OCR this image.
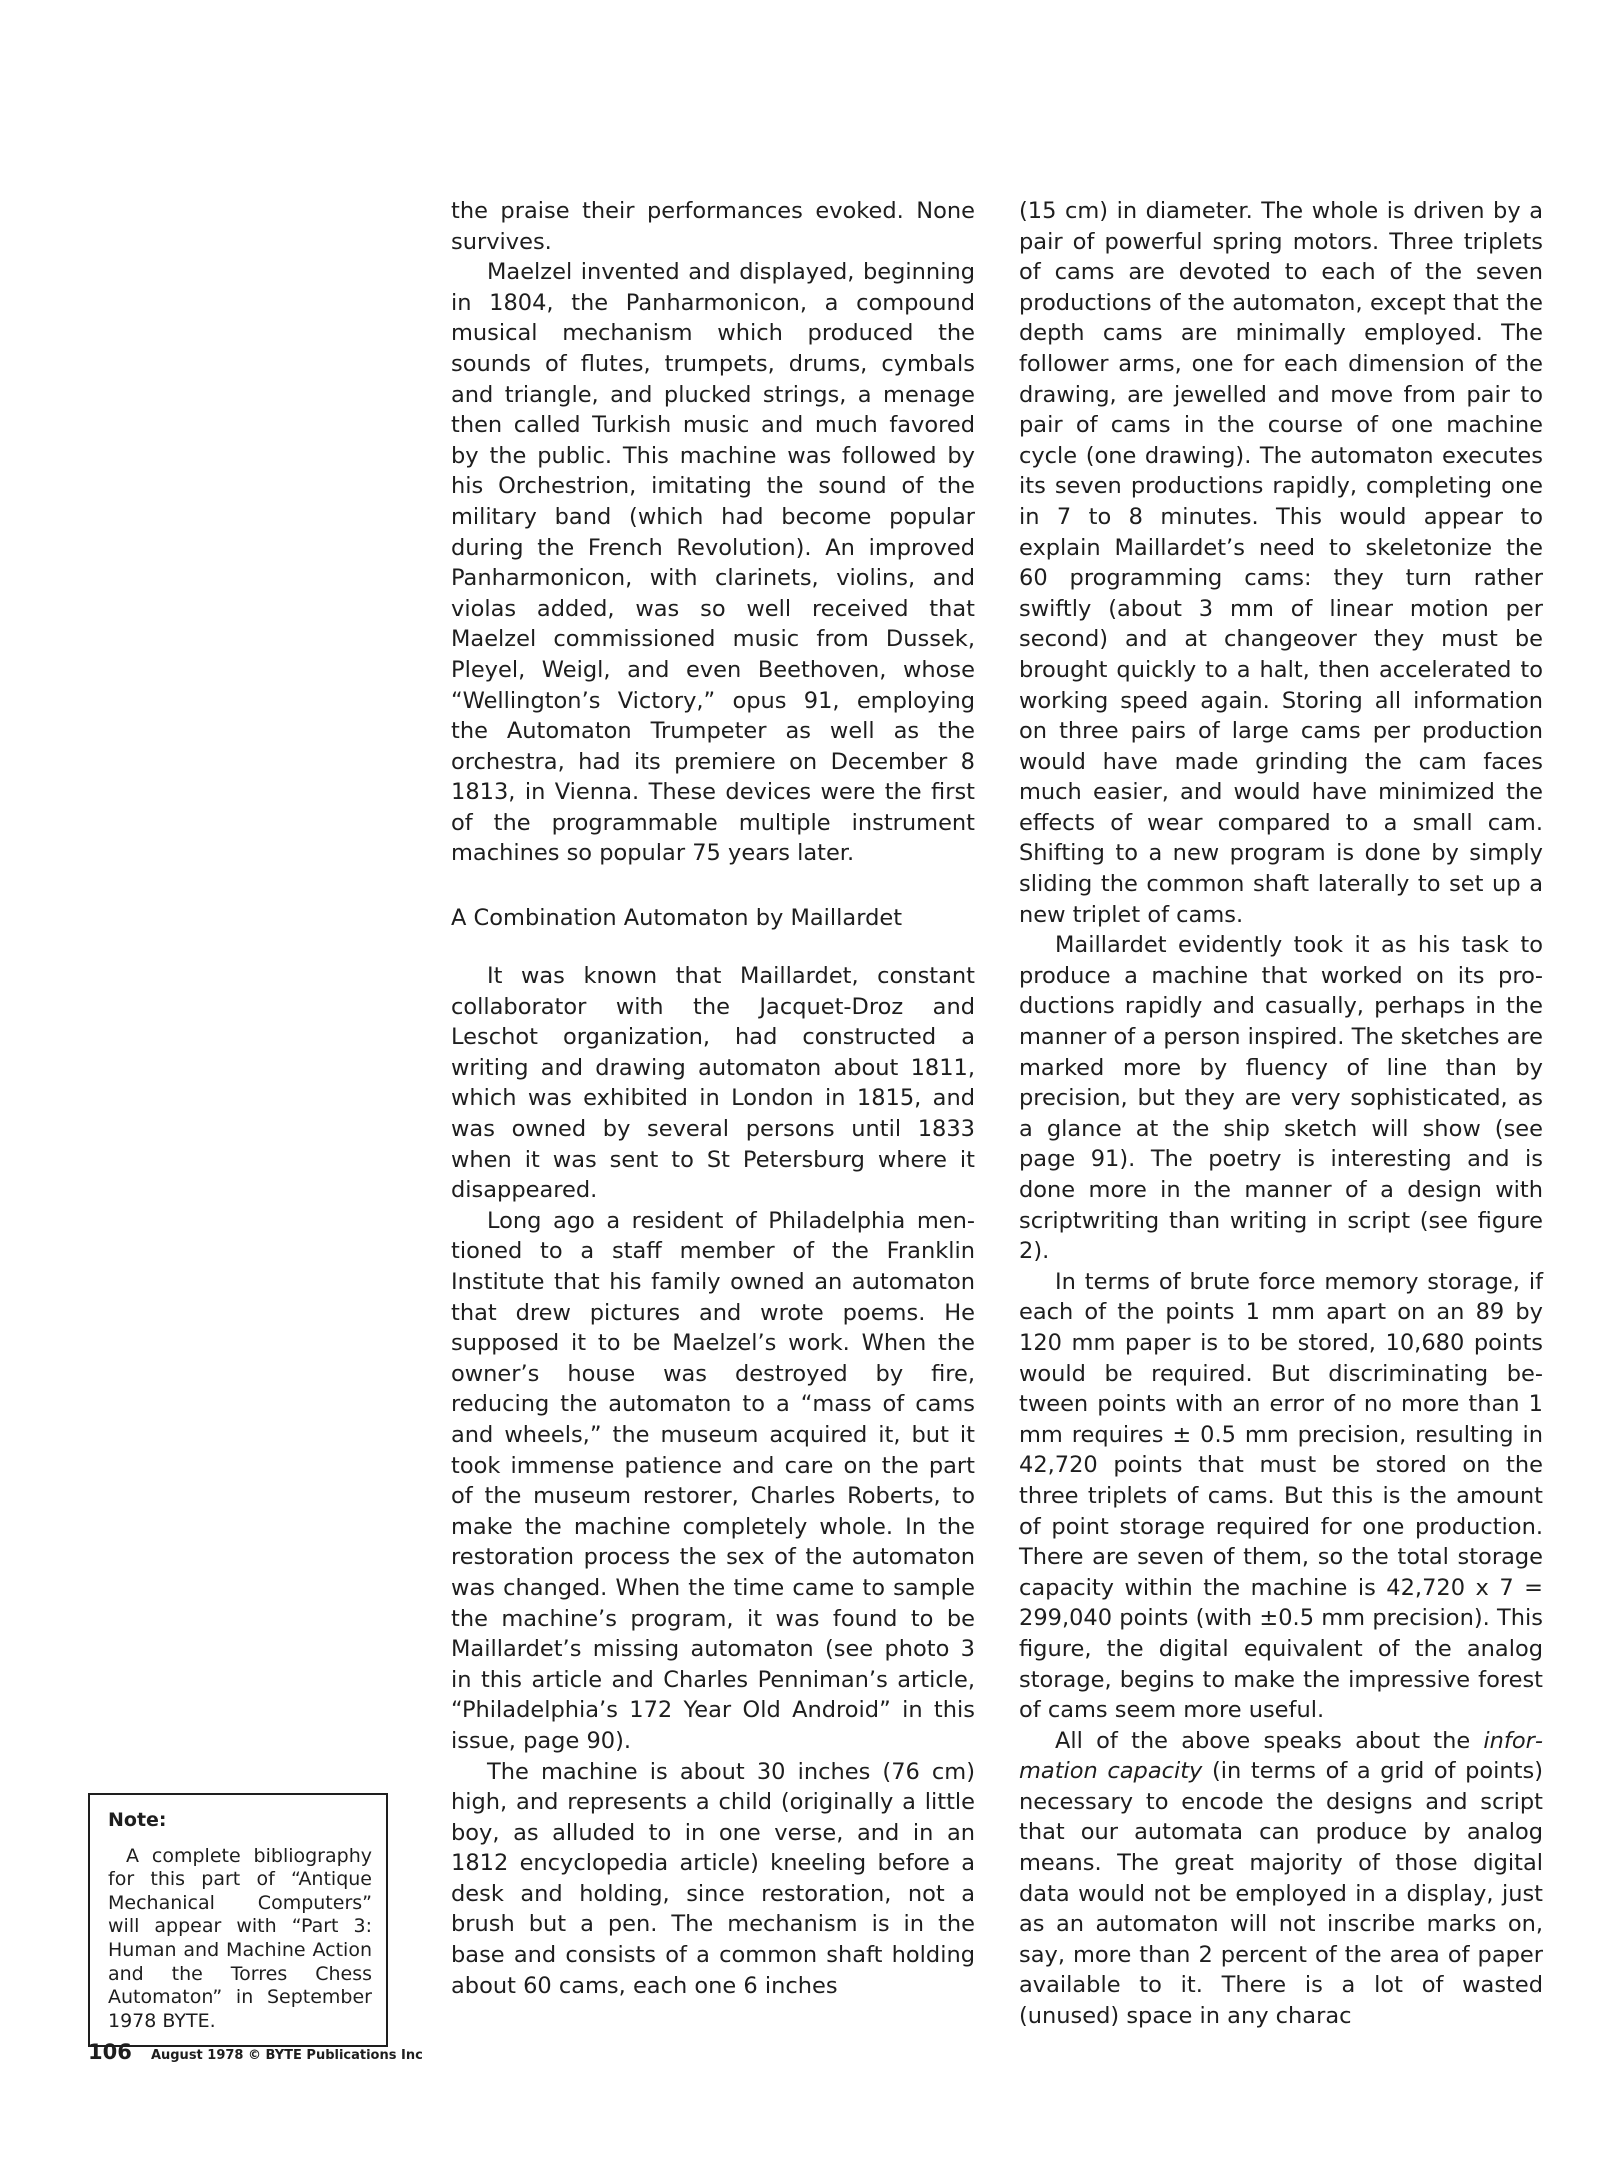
the praise their performances evoked. None survives.

Maelzel invented and displayed, beginning in 1804, the Panharmonicon, a compound musical mechanism which produced the sounds of flutes, trumpets, drums, cymbals and triangle, and plucked strings, a menage then called Turkish music and much favored by the public. This machine was followed by his Orchestrion, imitating the sound of the military band (which had become popular during the French Revolution). An improved Panharmonicon, with clarinets, violins, and violas added, was so well received that Maelzel commissioned music from Dussek, Pleyel, Weigl, and even Beethoven, whose “Wellington’s Victory,” opus 91, employing the Automaton Trumpeter as well as the orchestra, had its premiere on December 8 1813, in Vienna. These devices were the first of the programmable multiple instrument machines so popular 75 years later.

A Combination Automaton by Maillardet

It was known that Maillardet, constant collaborator with the Jacquet-Droz and Leschot organization, had constructed a writing and drawing automaton about 1811, which was exhibited in London in 1815, and was owned by several persons until 1833 when it was sent to St Petersburg where it disappeared.

Long ago a resident of Philadelphia mentioned to a staff member of the Franklin Institute that his family owned an automaton that drew pictures and wrote poems. He supposed it to be Maelzel’s work. When the owner’s house was destroyed by fire, reducing the automaton to a “mass of cams and wheels,” the museum acquired it, but it took immense patience and care on the part of the museum restorer, Charles Roberts, to make the machine completely whole. In the restoration process the sex of the automaton was changed. When the time came to sample the machine’s program, it was found to be Maillardet’s missing automaton (see photo 3 in this article and Charles Penniman’s article, “Philadelphia’s 172 Year Old Android” in this issue, page 90).

The machine is about 30 inches (76 cm) high, and represents a child (originally a little boy, as alluded to in one verse, and in an 1812 encyclopedia article) kneeling before a desk and holding, since restoration, not a brush but a pen. The mechanism is in the base and consists of a common shaft holding about 60 cams, each one 6 inches

(15 cm) in diameter. The whole is driven by a pair of powerful spring motors. Three triplets of cams are devoted to each of the seven productions of the automaton, except that the depth cams are minimally employed. The follower arms, one for each dimension of the drawing, are jewelled and move from pair to pair of cams in the course of one machine cycle (one drawing). The automaton executes its seven productions rapidly, completing one in 7 to 8 minutes. This would appear to explain Maillardet’s need to skeletonize the 60 programming cams: they turn rather swiftly (about 3 mm of linear motion per second) and at changeover they must be brought quickly to a halt, then accelerated to working speed again. Storing all information on three pairs of large cams per production would have made grinding the cam faces much easier, and would have minimized the effects of wear compared to a small cam. Shifting to a new program is done by simply sliding the common shaft laterally to set up a new triplet of cams.

Maillardet evidently took it as his task to produce a machine that worked on its productions rapidly and casually, perhaps in the manner of a person inspired. The sketches are marked more by fluency of line than by precision, but they are very sophisticated, as a glance at the ship sketch will show (see page 91). The poetry is interesting and is done more in the manner of a design with scriptwriting than writing in script (see figure 2).

In terms of brute force memory storage, if each of the points 1 mm apart on an 89 by 120 mm paper is to be stored, 10,680 points would be required. But discriminating between points with an error of no more than 1 mm requires ± 0.5 mm precision, resulting in 42,720 points that must be stored on the three triplets of cams. But this is the amount of point storage required for one production. There are seven of them, so the total storage capacity within the machine is 42,720 x 7 = 299,040 points (with ±0.5 mm precision). This figure, the digital equivalent of the analog storage, begins to make the impressive forest of cams seem more useful.

All of the above speaks about the information capacity (in terms of a grid of points) necessary to encode the designs and script that our automata can produce by analog means. The great majority of those digital data would not be employed in a display, just as an automaton will not inscribe marks on, say, more than 2 percent of the area of paper available to it. There is a lot of wasted (unused) space in any charac

Note:
A complete bibliography for this part of “Antique Mechanical Computers” will appear with “Part 3: Human and Machine Action and the Torres Chess Automaton” in September 1978 BYTE.
106 August 1978 © BYTE Publications Inc
